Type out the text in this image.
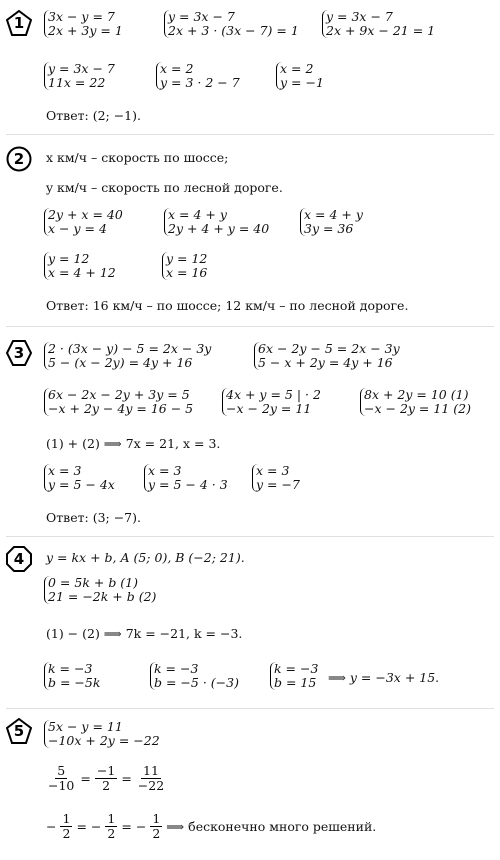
1 3x − y = 7
2x + 3y = 1
y = 3x − 7
2x + 3 · (3x − 7) = 1
y = 3x − 7
2x + 9x − 21 = 1
y = 3x − 7
11x = 22
x = 2
y = 3 · 2 − 7
x = 2
y = −1
Ответ: (2; −1).
2 x км/ч – скорость по шоссе;
y км/ч – скорость по лесной дороге.
2y + x = 40
x − y = 4
x = 4 + y
2y + 4 + y = 40
x = 4 + y
3y = 36
y = 12
x = 4 + 12
y = 12
x = 16
Ответ: 16 км/ч – по шоссе; 12 км/ч – по лесной дороге.
3 2 · (3x − y) − 5 = 2x − 3y
5 − (x − 2y) = 4y + 16
6x − 2y − 5 = 2x − 3y
5 − x + 2y = 4y + 16
6x − 2x − 2y + 3y = 5
−x + 2y − 4y = 16 − 5
4x + y = 5 | · 2
−x − 2y = 11
8x + 2y = 10 (1)
−x − 2y = 11 (2)
(1) + (2) ⟹ 7x = 21, x = 3.
x = 3
y = 5 − 4x
x = 3
y = 5 − 4 · 3
x = 3
y = −7
Ответ: (3; −7).
4 y = kx + b, A (5; 0), B (−2; 21).
0 = 5k + b (1)
21 = −2k + b (2)
(1) − (2) ⟹ 7k = −21, k = −3.
k = −3
b = −5k
k = −3
b = −5 · (−3)
k = −3
b = 15 ⟹ y = −3x + 15.
5 5x − y = 11
−10x + 2y = −22
$\frac{5}{-10} = \frac{-1}{2} = \frac{11}{-22}$
− $\frac{1}{2}$ = − $\frac{1}{2}$ = − $\frac{1}{2}$ ⟹ бесконечно много решений.
